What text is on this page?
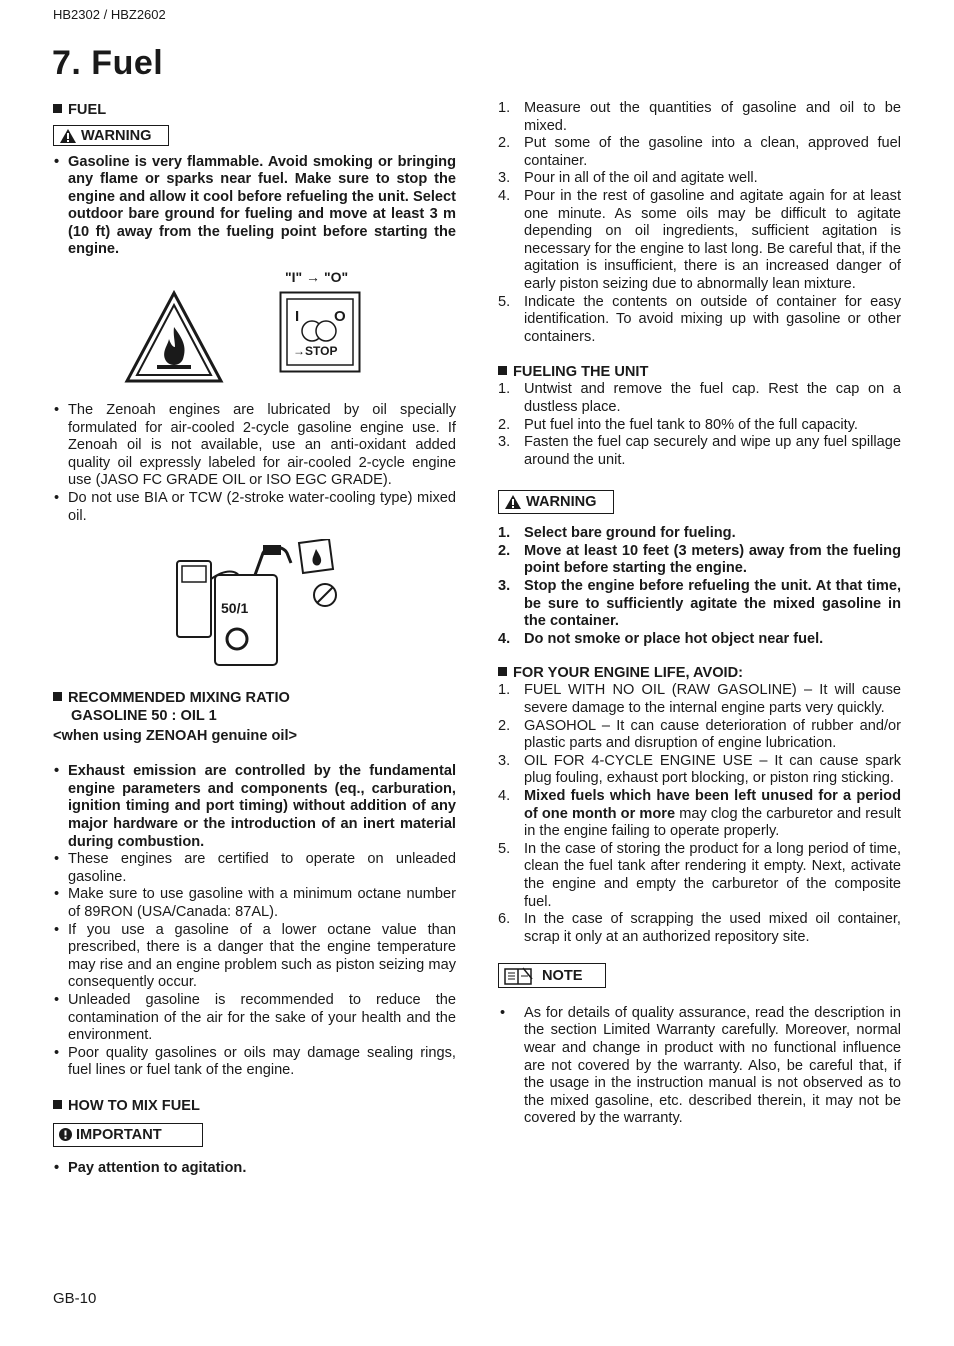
HB2302 / HBZ2602
7. Fuel
FUEL
WARNING
• Gasoline is very flammable. Avoid smoking or bringing any flame or sparks near fuel. Make sure to stop the engine and allow it cool before refueling the unit. Select outdoor bare ground for fueling and move at least 3 m (10 ft) away from the fueling point before starting the engine.
"I" → "O"
I O
→STOP
• The Zenoah engines are lubricated by oil specially formulated for air-cooled 2-cycle gasoline engine use. If Zenoah oil is not available, use an anti-oxidant added quality oil expressly labeled for air-cooled 2-cycle engine use (JASO FC GRADE OIL or ISO EGC GRADE).
• Do not use BIA or TCW (2-stroke water-cooling type) mixed oil.
50/1
RECOMMENDED MIXING RATIO
GASOLINE 50 : OIL 1
<when using ZENOAH genuine oil>
• Exhaust emission are controlled by the fundamental engine parameters and components (eq., carburation, ignition timing and port timing) without addition of any major hardware or the introduction of an inert material during combustion.
• These engines are certified to operate on unleaded gasoline.
• Make sure to use gasoline with a minimum octane number of 89RON (USA/Canada: 87AL).
• If you use a gasoline of a lower octane value than prescribed, there is a danger that the engine temperature may rise and an engine problem such as piston seizing may consequently occur.
• Unleaded gasoline is recommended to reduce the contamination of the air for the sake of your health and the environment.
• Poor quality gasolines or oils may damage sealing rings, fuel lines or fuel tank of the engine.
HOW TO MIX FUEL
IMPORTANT
• Pay attention to agitation.
1. Measure out the quantities of gasoline and oil to be mixed.
2. Put some of the gasoline into a clean, approved fuel container.
3. Pour in all of the oil and agitate well.
4. Pour in the rest of gasoline and agitate again for at least one minute. As some oils may be difficult to agitate depending on oil ingredients, sufficient agitation is necessary for the engine to last long. Be careful that, if the agitation is insufficient, there is an increased danger of early piston seizing due to abnormally lean mixture.
5. Indicate the contents on outside of container for easy identification. To avoid mixing up with gasoline or other containers.
FUELING THE UNIT
1. Untwist and remove the fuel cap. Rest the cap on a dustless place.
2. Put fuel into the fuel tank to 80% of the full capacity.
3. Fasten the fuel cap securely and wipe up any fuel spillage around the unit.
WARNING
1. Select bare ground for fueling.
2. Move at least 10 feet (3 meters) away from the fueling point before starting the engine.
3. Stop the engine before refueling the unit. At that time, be sure to sufficiently agitate the mixed gasoline in the container.
4. Do not smoke or place hot object near fuel.
FOR YOUR ENGINE LIFE, AVOID:
1. FUEL WITH NO OIL (RAW GASOLINE) – It will cause severe damage to the internal engine parts very quickly.
2. GASOHOL – It can cause deterioration of rubber and/or plastic parts and disruption of engine lubrication.
3. OIL FOR 4-CYCLE ENGINE USE – It can cause spark plug fouling, exhaust port blocking, or piston ring sticking.
4. Mixed fuels which have been left unused for a period of one month or more may clog the carburetor and result in the engine failing to operate properly.
5. In the case of storing the product for a long period of time, clean the fuel tank after rendering it empty. Next, activate the engine and empty the carburetor of the composite fuel.
6. In the case of scrapping the used mixed oil container, scrap it only at an authorized repository site.
NOTE
• As for details of quality assurance, read the description in the section Limited Warranty carefully. Moreover, normal wear and change in product with no functional influence are not covered by the warranty. Also, be careful that, if the usage in the instruction manual is not observed as to the mixed gasoline, etc. described therein, it may not be covered by the warranty.
GB-10
